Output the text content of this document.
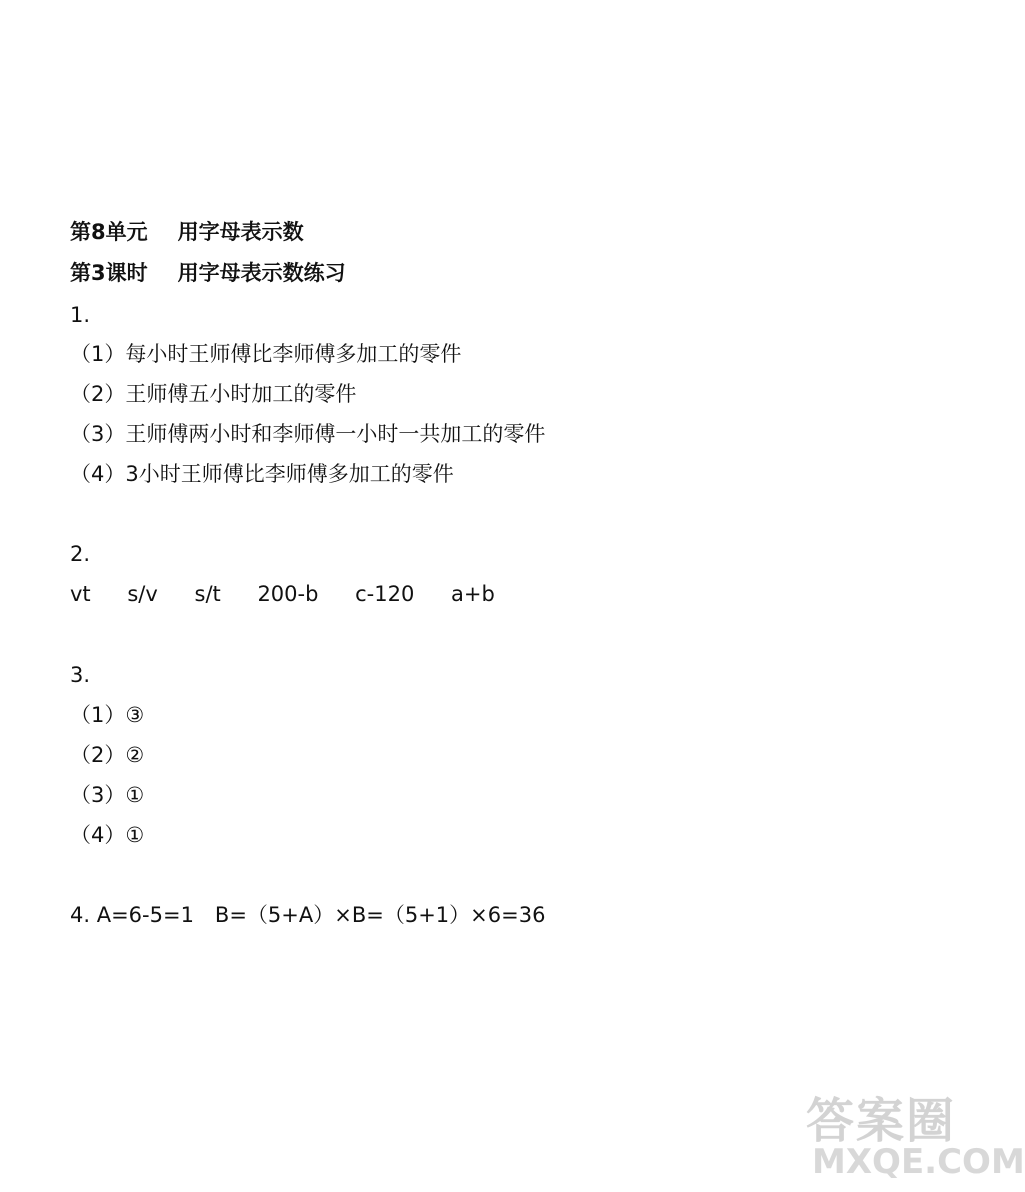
第8单元 用字母表示数
第3课时 用字母表示数练习
1.
（1）每小时王师傅比李师傅多加工的零件
（2）王师傅五小时加工的零件
（3）王师傅两小时和李师傅一小时一共加工的零件
（4）3小时王师傅比李师傅多加工的零件
2.
vt s/v s/t 200-b c-120 a+b
3.
（1）③
（2）②
（3）①
（4）①
4. A=6-5=1　B=（5+A）×B=（5+1）×6=36
答案圈
MXQE.COM
